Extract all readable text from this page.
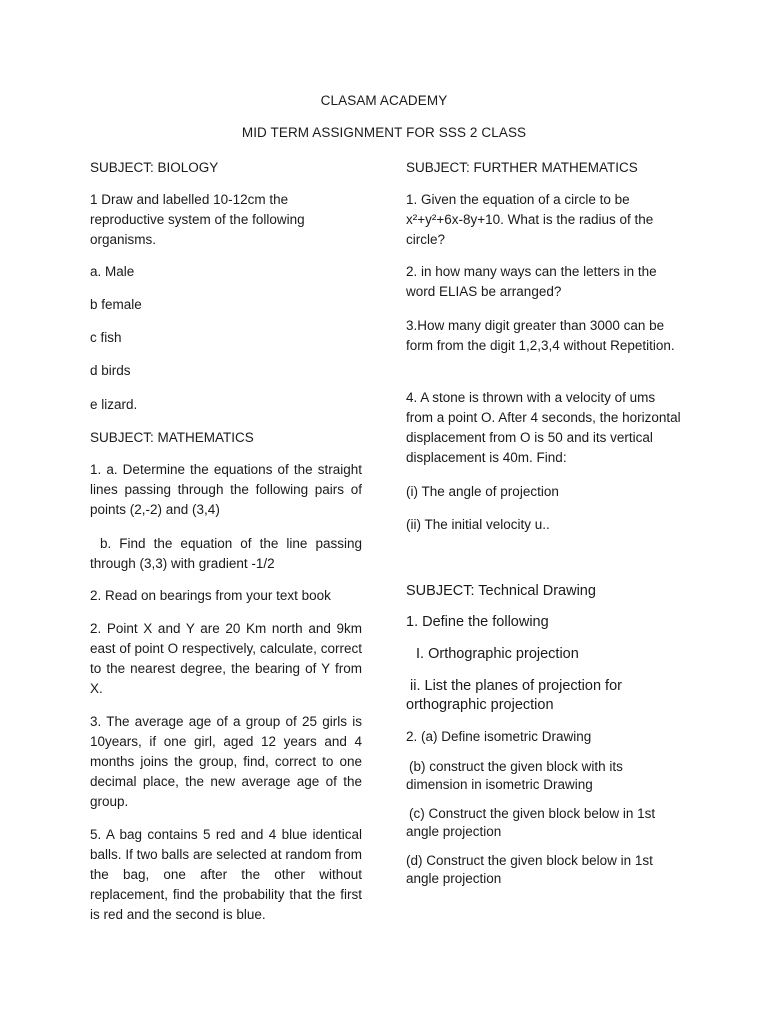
CLASAM ACADEMY
MID TERM ASSIGNMENT FOR SSS 2 CLASS
SUBJECT: BIOLOGY
1 Draw and labelled 10-12cm the reproductive system of the following organisms.
a. Male
b female
c fish
d birds
e lizard.
SUBJECT: MATHEMATICS
1. a. Determine the equations of the straight lines passing through the following pairs of points (2,-2) and (3,4)
b. Find the equation of the line passing through (3,3) with gradient -1/2
2. Read on bearings from your text book
2. Point X and Y are 20 Km north and 9km east of point O respectively, calculate, correct to the nearest degree, the bearing of Y from X.
3. The average age of a group of 25 girls is 10years, if one girl, aged 12 years and 4 months joins the group, find, correct to one decimal place, the new average age of the group.
5. A bag contains 5 red and 4 blue identical balls. If two balls are selected at random from the bag, one after the other without replacement, find the probability that the first is red and the second is blue.
SUBJECT: FURTHER MATHEMATICS
1. Given the equation of a circle to be x²+y²+6x-8y+10. What is the radius of the circle?
2. in how many ways can the letters in the word ELIAS be arranged?
3.How many digit greater than 3000 can be form from the digit 1,2,3,4 without Repetition.
4. A stone is thrown with a velocity of ums from a point O. After 4 seconds, the horizontal displacement from O is 50 and its vertical displacement is 40m. Find:
(i) The angle of projection
(ii) The initial velocity u..
SUBJECT: Technical Drawing
1. Define the following
I. Orthographic projection
ii. List the planes of projection for orthographic projection
2. (a) Define isometric Drawing
(b) construct the given block with its dimension in isometric Drawing
(c) Construct the given block below in 1st angle projection
(d) Construct the given block below in 1st angle projection
